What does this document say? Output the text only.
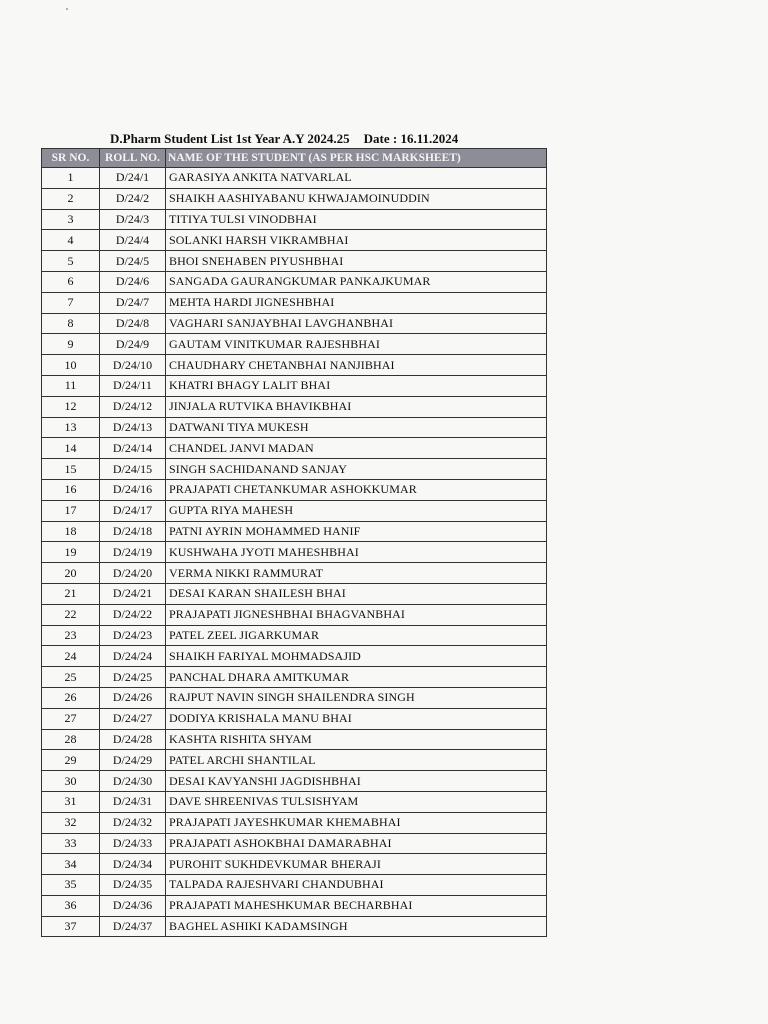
D.Pharm Student List 1st Year A.Y 2024.25 Date : 16.11.2024
SR NO.	ROLL NO.	NAME OF THE STUDENT (AS PER HSC MARKSHEET)
1	D/24/1	GARASIYA ANKITA NATVARLAL
2	D/24/2	SHAIKH AASHIYABANU KHWAJAMOINUDDIN
3	D/24/3	TITIYA TULSI VINODBHAI
4	D/24/4	SOLANKI HARSH VIKRAMBHAI
5	D/24/5	BHOI SNEHABEN PIYUSHBHAI
6	D/24/6	SANGADA GAURANGKUMAR PANKAJKUMAR
7	D/24/7	MEHTA HARDI JIGNESHBHAI
8	D/24/8	VAGHARI SANJAYBHAI LAVGHANBHAI
9	D/24/9	GAUTAM VINITKUMAR RAJESHBHAI
10	D/24/10	CHAUDHARY CHETANBHAI NANJIBHAI
11	D/24/11	KHATRI BHAGY LALIT BHAI
12	D/24/12	JINJALA RUTVIKA BHAVIKBHAI
13	D/24/13	DATWANI TIYA MUKESH
14	D/24/14	CHANDEL JANVI MADAN
15	D/24/15	SINGH SACHIDANAND SANJAY
16	D/24/16	PRAJAPATI CHETANKUMAR ASHOKKUMAR
17	D/24/17	GUPTA RIYA MAHESH
18	D/24/18	PATNI AYRIN MOHAMMED HANIF
19	D/24/19	KUSHWAHA JYOTI MAHESHBHAI
20	D/24/20	VERMA NIKKI RAMMURAT
21	D/24/21	DESAI KARAN SHAILESH BHAI
22	D/24/22	PRAJAPATI JIGNESHBHAI BHAGVANBHAI
23	D/24/23	PATEL ZEEL JIGARKUMAR
24	D/24/24	SHAIKH FARIYAL MOHMADSAJID
25	D/24/25	PANCHAL DHARA AMITKUMAR
26	D/24/26	RAJPUT NAVIN SINGH SHAILENDRA SINGH
27	D/24/27	DODIYA KRISHALA MANU BHAI
28	D/24/28	KASHTA RISHITA SHYAM
29	D/24/29	PATEL ARCHI SHANTILAL
30	D/24/30	DESAI KAVYANSHI JAGDISHBHAI
31	D/24/31	DAVE SHREENIVAS TULSISHYAM
32	D/24/32	PRAJAPATI JAYESHKUMAR KHEMABHAI
33	D/24/33	PRAJAPATI ASHOKBHAI DAMARABHAI
34	D/24/34	PUROHIT SUKHDEVKUMAR BHERAJI
35	D/24/35	TALPADA RAJESHVARI CHANDUBHAI
36	D/24/36	PRAJAPATI MAHESHKUMAR BECHARBHAI
37	D/24/37	BAGHEL ASHIKI KADAMSINGH
